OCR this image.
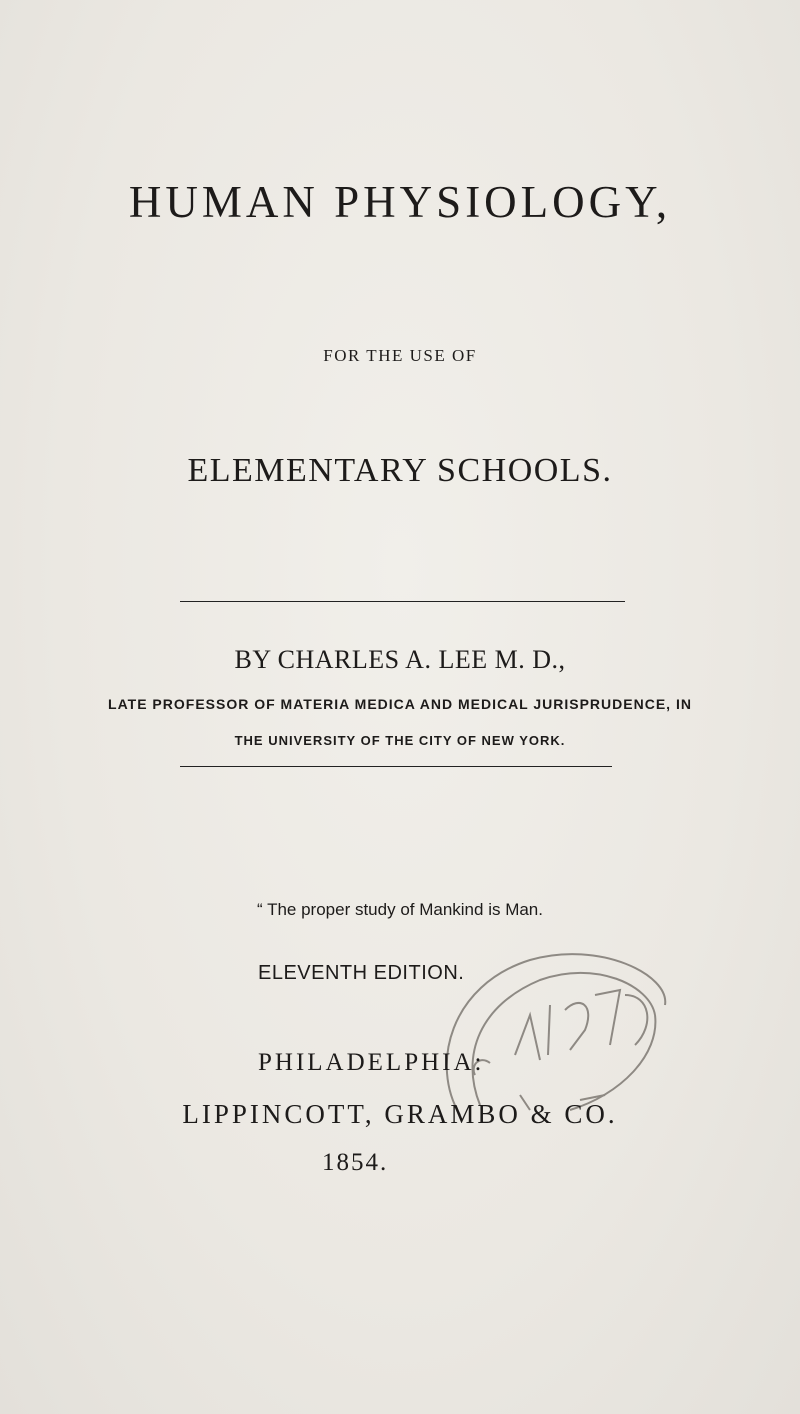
HUMAN PHYSIOLOGY,
FOR THE USE OF
ELEMENTARY SCHOOLS.
BY CHARLES A. LEE M. D.,
LATE PROFESSOR OF MATERIA MEDICA AND MEDICAL JURISPRUDENCE, IN
THE UNIVERSITY OF THE CITY OF NEW YORK.
“ The proper study of Mankind is Man.
ELEVENTH EDITION.
PHILADELPHIA:
LIPPINCOTT, GRAMBO & CO.
1854.
